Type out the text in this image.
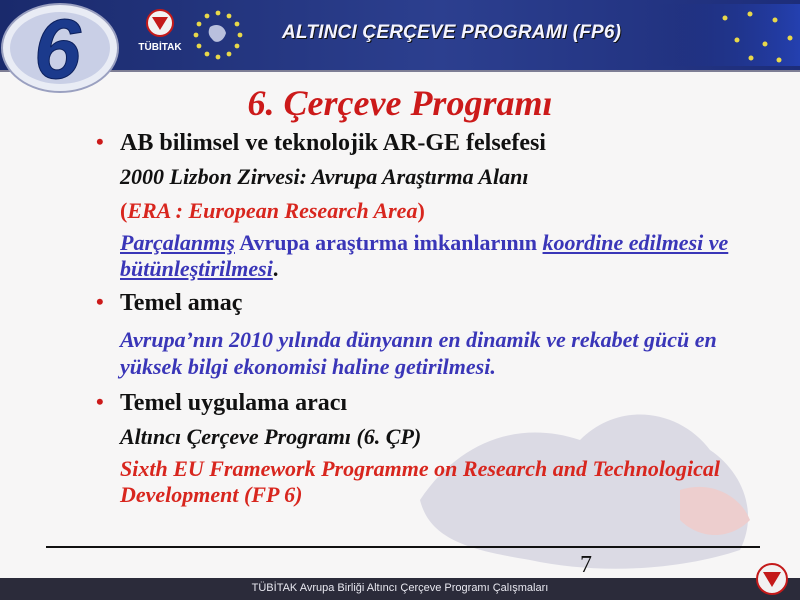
ALTINCI ÇERÇEVE PROGRAMI (FP6)
6	TÜBİTAK
6. Çerçeve Programı
• AB bilimsel ve teknolojik AR-GE felsefesi
2000 Lizbon Zirvesi: Avrupa Araştırma Alanı
(ERA : European Research Area)
Parçalanmış Avrupa araştırma imkanlarının koordine edilmesi ve bütünleştirilmesi.
• Temel amaç
Avrupa’nın 2010 yılında dünyanın en dinamik ve rekabet gücü en yüksek bilgi ekonomisi haline getirilmesi.
• Temel uygulama aracı
Altıncı Çerçeve Programı (6. ÇP)
Sixth EU Framework Programme on Research and Technological Development (FP 6)
7
TÜBİTAK Avrupa Birliği Altıncı Çerçeve Programı Çalışmaları
